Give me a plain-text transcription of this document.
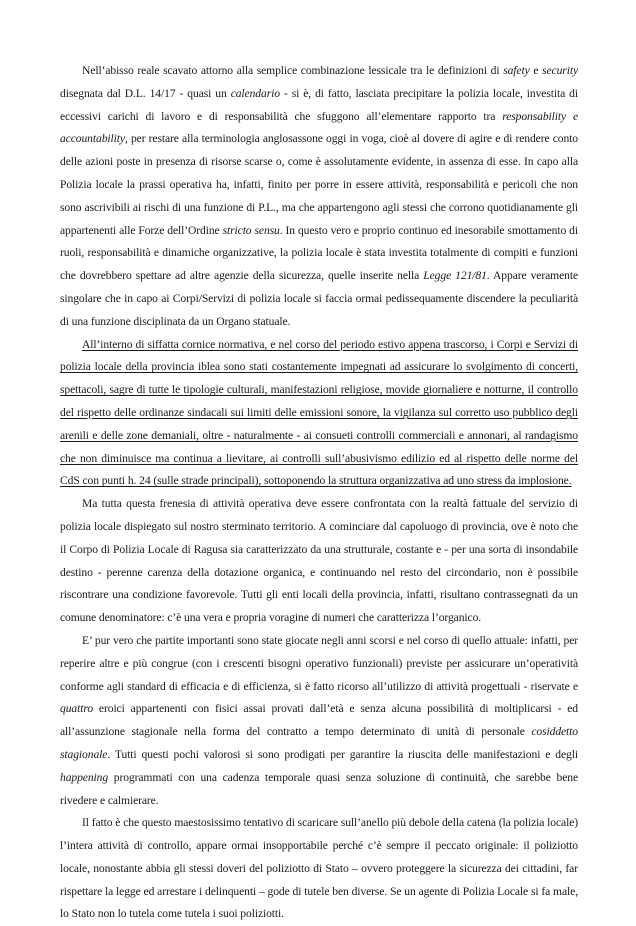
Nell’abisso reale scavato attorno alla semplice combinazione lessicale tra le definizioni di safety e security disegnata dal D.L. 14/17 - quasi un calendario - si è, di fatto, lasciata precipitare la polizia locale, investita di eccessivi carichi di lavoro e di responsabilità che sfuggono all’elementare rapporto tra responsability e accountability, per restare alla terminologia anglosassone oggi in voga, cioè al dovere di agire e di rendere conto delle azioni poste in presenza di risorse scarse o, come è assolutamente evidente, in assenza di esse. In capo alla Polizia locale la prassi operativa ha, infatti, finito per porre in essere attività, responsabilità e pericoli che non sono ascrivibili ai rischi di una funzione di P.L., ma che appartengono agli stessi che corrono quotidianamente gli appartenenti alle Forze dell’Ordine stricto sensu. In questo vero e proprio continuo ed inesorabile smottamento di ruoli, responsabilità e dinamiche organizzative, la polizia locale è stata investita totalmente di compiti e funzioni che dovrebbero spettare ad altre agenzie della sicurezza, quelle inserite nella Legge 121/81. Appare veramente singolare che in capo ai Corpi/Servizi di polizia locale si faccia ormai pedissequamente discendere la peculiarità di una funzione disciplinata da un Organo statuale.

All’interno di siffatta cornice normativa, e nel corso del periodo estivo appena trascorso, i Corpi e Servizi di polizia locale della provincia iblea sono stati costantemente impegnati ad assicurare lo svolgimento di concerti, spettacoli, sagre di tutte le tipologie culturali, manifestazioni religiose, movide giornaliere e notturne, il controllo del rispetto delle ordinanze sindacali sui limiti delle emissioni sonore, la vigilanza sul corretto uso pubblico degli arenili e delle zone demaniali, oltre - naturalmente - ai consueti controlli commerciali e annonari, al randagismo che non diminuisce ma continua a lievitare, ai controlli sull’abusivismo edilizio ed al rispetto delle norme del CdS con punti h. 24 (sulle strade principali), sottoponendo la struttura organizzativa ad uno stress da implosione.

Ma tutta questa frenesia di attività operativa deve essere confrontata con la realtà fattuale del servizio di polizia locale dispiegato sul nostro sterminato territorio. A cominciare dal capoluogo di provincia, ove è noto che il Corpo di Polizia Locale di Ragusa sia caratterizzato da una strutturale, costante e - per una sorta di insondabile destino - perenne carenza della dotazione organica, e continuando nel resto del circondario, non è possibile riscontrare una condizione favorevole. Tutti gli enti locali della provincia, infatti, risultano contrassegnati da un comune denominatore: c’è una vera e propria voragine di numeri che caratterizza l’organico.

E’ pur vero che partite importanti sono state giocate negli anni scorsi e nel corso di quello attuale: infatti, per reperire altre e più congrue (con i crescenti bisogni operativo funzionali) previste per assicurare un’operatività conforme agli standard di efficacia e di efficienza, si è fatto ricorso all’utilizzo di attività progettuali - riservate e quattro eroici appartenenti con fisici assai provati dall’età e senza alcuna possibilità di moltiplicarsi - ed all’assunzione stagionale nella forma del contratto a tempo determinato di unità di personale cosiddetto stagionale. Tutti questi pochi valorosi si sono prodigati per garantire la riuscita delle manifestazioni e degli happening programmati con una cadenza temporale quasi senza soluzione di continuità, che sarebbe bene rivedere e calmierare.

Il fatto è che questo maestosissimo tentativo di scaricare sull’anello più debole della catena (la polizia locale) l’intera attività di controllo, appare ormai insopportabile perché c’è sempre il peccato originale: il poliziotto locale, nonostante abbia gli stessi doveri del poliziotto di Stato – ovvero proteggere la sicurezza dei cittadini, far rispettare la legge ed arrestare i delinquenti – gode di tutele ben diverse. Se un agente di Polizia Locale si fa male, lo Stato non lo tutela come tutela i suoi poliziotti.
